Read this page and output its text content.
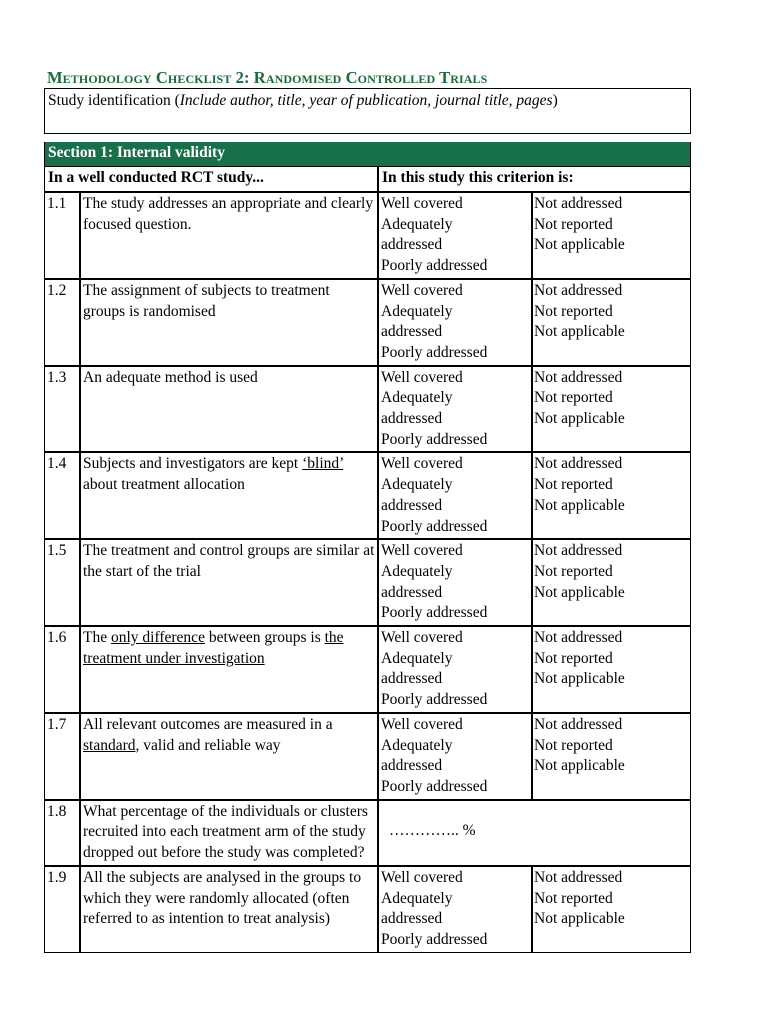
Methodology Checklist 2: Randomised Controlled Trials
Study identification (Include author, title, year of publication, journal title, pages)			

Section 1: Internal validity			
In a well conducted RCT study...		In this study this criterion is:	
1.1	The study addresses an appropriate and clearly focused question.	Well covered
Adequately
addressed
Poorly addressed	Not addressed
Not reported
Not applicable

1.2	The assignment of subjects to treatment groups is randomised	Well covered
Adequately
addressed
Poorly addressed	Not addressed
Not reported
Not applicable

1.3	An adequate method is used	Well covered
Adequately
addressed
Poorly addressed	Not addressed
Not reported
Not applicable

1.4	Subjects and investigators are kept ‘blind’ about treatment allocation	Well covered
Adequately
addressed
Poorly addressed	Not addressed
Not reported
Not applicable

1.5	The treatment and control groups are similar at the start of the trial	Well covered
Adequately
addressed
Poorly addressed	Not addressed
Not reported
Not applicable

1.6	The only difference between groups is the treatment under investigation	Well covered
Adequately
addressed
Poorly addressed	Not addressed
Not reported
Not applicable

1.7	All relevant outcomes are measured in a standard, valid and reliable way	Well covered
Adequately
addressed
Poorly addressed	Not addressed
Not reported
Not applicable

1.8	What percentage of the individuals or clusters recruited into each treatment arm of the study dropped out before the study was completed?	………….. %	
1.9	All the subjects are analysed in the groups to which they were randomly allocated (often referred to as intention to treat analysis)	Well covered
Adequately
addressed
Poorly addressed	Not addressed
Not reported
Not applicable
